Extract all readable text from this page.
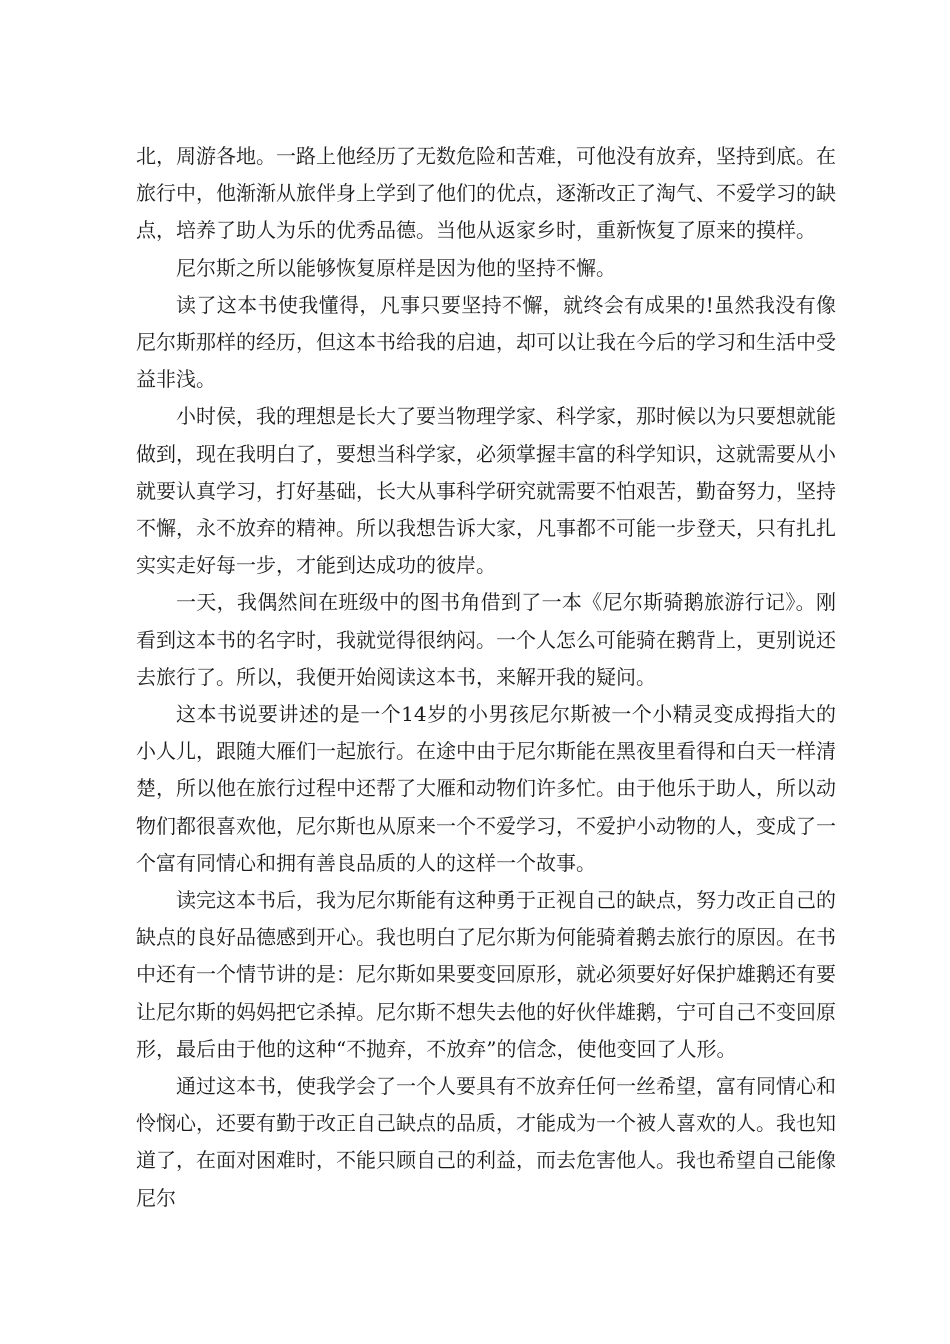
北，周游各地。一路上他经历了无数危险和苦难，可他没有放弃，坚持到底。在旅行中，他渐渐从旅伴身上学到了他们的优点，逐渐改正了淘气、不爱学习的缺点，培养了助人为乐的优秀品德。当他从返家乡时，重新恢复了原来的摸样。

尼尔斯之所以能够恢复原样是因为他的坚持不懈。

读了这本书使我懂得，凡事只要坚持不懈，就终会有成果的!虽然我没有像尼尔斯那样的经历，但这本书给我的启迪，却可以让我在今后的学习和生活中受益非浅。

小时侯，我的理想是长大了要当物理学家、科学家，那时候以为只要想就能做到，现在我明白了，要想当科学家，必须掌握丰富的科学知识，这就需要从小就要认真学习，打好基础，长大从事科学研究就需要不怕艰苦，勤奋努力，坚持不懈，永不放弃的精神。所以我想告诉大家，凡事都不可能一步登天，只有扎扎实实走好每一步，才能到达成功的彼岸。

一天，我偶然间在班级中的图书角借到了一本《尼尔斯骑鹅旅游行记》。刚看到这本书的名字时，我就觉得很纳闷。一个人怎么可能骑在鹅背上，更别说还去旅行了。所以，我便开始阅读这本书，来解开我的疑问。

这本书说要讲述的是一个14岁的小男孩尼尔斯被一个小精灵变成拇指大的小人儿，跟随大雁们一起旅行。在途中由于尼尔斯能在黑夜里看得和白天一样清楚，所以他在旅行过程中还帮了大雁和动物们许多忙。由于他乐于助人，所以动物们都很喜欢他，尼尔斯也从原来一个不爱学习，不爱护小动物的人，变成了一个富有同情心和拥有善良品质的人的这样一个故事。

读完这本书后，我为尼尔斯能有这种勇于正视自己的缺点，努力改正自己的缺点的良好品德感到开心。我也明白了尼尔斯为何能骑着鹅去旅行的原因。在书中还有一个情节讲的是：尼尔斯如果要变回原形，就必须要好好保护雄鹅还有要让尼尔斯的妈妈把它杀掉。尼尔斯不想失去他的好伙伴雄鹅，宁可自己不变回原形，最后由于他的这种“不抛弃，不放弃”的信念，使他变回了人形。

通过这本书，使我学会了一个人要具有不放弃任何一丝希望，富有同情心和怜悯心，还要有勤于改正自己缺点的品质，才能成为一个被人喜欢的人。我也知道了，在面对困难时，不能只顾自己的利益，而去危害他人。我也希望自己能像尼尔
